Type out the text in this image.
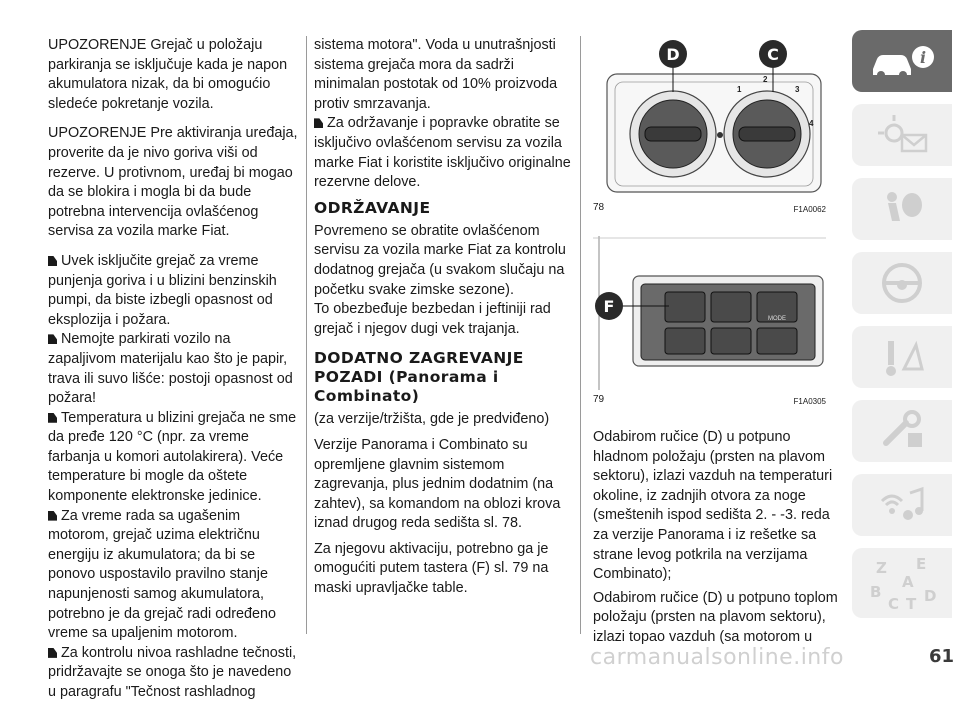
UPOZORENJE Grejač u položaju parkiranja se isključuje kada je napon akumulatora nizak, da bi omogućio sledeće pokretanje vozila.

UPOZORENJE Pre aktiviranja uređaja, proverite da je nivo goriva viši od rezerve. U protivnom, uređaj bi mogao da se blokira i mogla bi da bude potrebna intervencija ovlašćenog servisa za vozila marke Fiat.

Uvek isključite grejač za vreme punjenja goriva i u blizini benzinskih pumpi, da biste izbegli opasnost od eksplozija i požara.

Nemojte parkirati vozilo na zapaljivom materijalu kao što je papir, trava ili suvo lišće: postoji opasnost od požara!

Temperatura u blizini grejača ne sme da pređe 120 °C (npr. za vreme farbanja u komori autolakirera). Veće temperature bi mogle da oštete komponente elektronske jedinice.

Za vreme rada sa ugašenim motorom, grejač uzima električnu energiju iz akumulatora; da bi se ponovo uspostavilo pravilno stanje napunjenosti samog akumulatora, potrebno je da grejač radi određeno vreme sa upaljenim motorom.

Za kontrolu nivoa rashladne tečnosti, pridržavajte se onoga što je navedeno u paragrafu "Tečnost rashladnog

sistema motora". Voda u unutrašnjosti sistema grejača mora da sadrži minimalan postotak od 10% proizvoda protiv smrzavanja.

Za održavanje i popravke obratite se isključivo ovlašćenom servisu za vozila marke Fiat i koristite isključivo originalne rezervne delove.

ODRŽAVANJE

Povremeno se obratite ovlašćenom servisu za vozila marke Fiat za kontrolu dodatnog grejača (u svakom slučaju na početku svake zimske sezone).

To obezbeđuje bezbedan i jeftiniji rad grejač i njegov dugi vek trajanja.

DODATNO ZAGREVANJE POZADI (Panorama i Combinato)

(za verzije/tržišta, gde je predviđeno)

Verzije Panorama i Combinato su opremljene glavnim sistemom zagrevanja, plus jednim dodatnim (na zahtev), sa komandom na oblozi krova iznad drugog reda sedišta sl. 78.

Za njegovu aktivaciju, potrebno ga je omogućiti putem tastera (F) sl. 79 na maski upravljačke table.

D	C
1
2
3
4
78	F1A0062
MODE
F
79	F1A0305

Odabirom ručice (D) u potpuno hladnom položaju (prsten na plavom sektoru), izlazi vazduh na temperaturi okoline, iz zadnjih otvora za noge (smeštenih ispod sedišta 2. - -3. reda za verzije Panorama i iz rešetke sa strane levog potkrila na verzijama Combinato);

Odabirom ručice (D) u potpuno toplom položaju (prsten na plavom sektoru), izlazi topao vazduh (sa motorom u

i
Z E
A
B
C T D
carmanualsonline.info	61
